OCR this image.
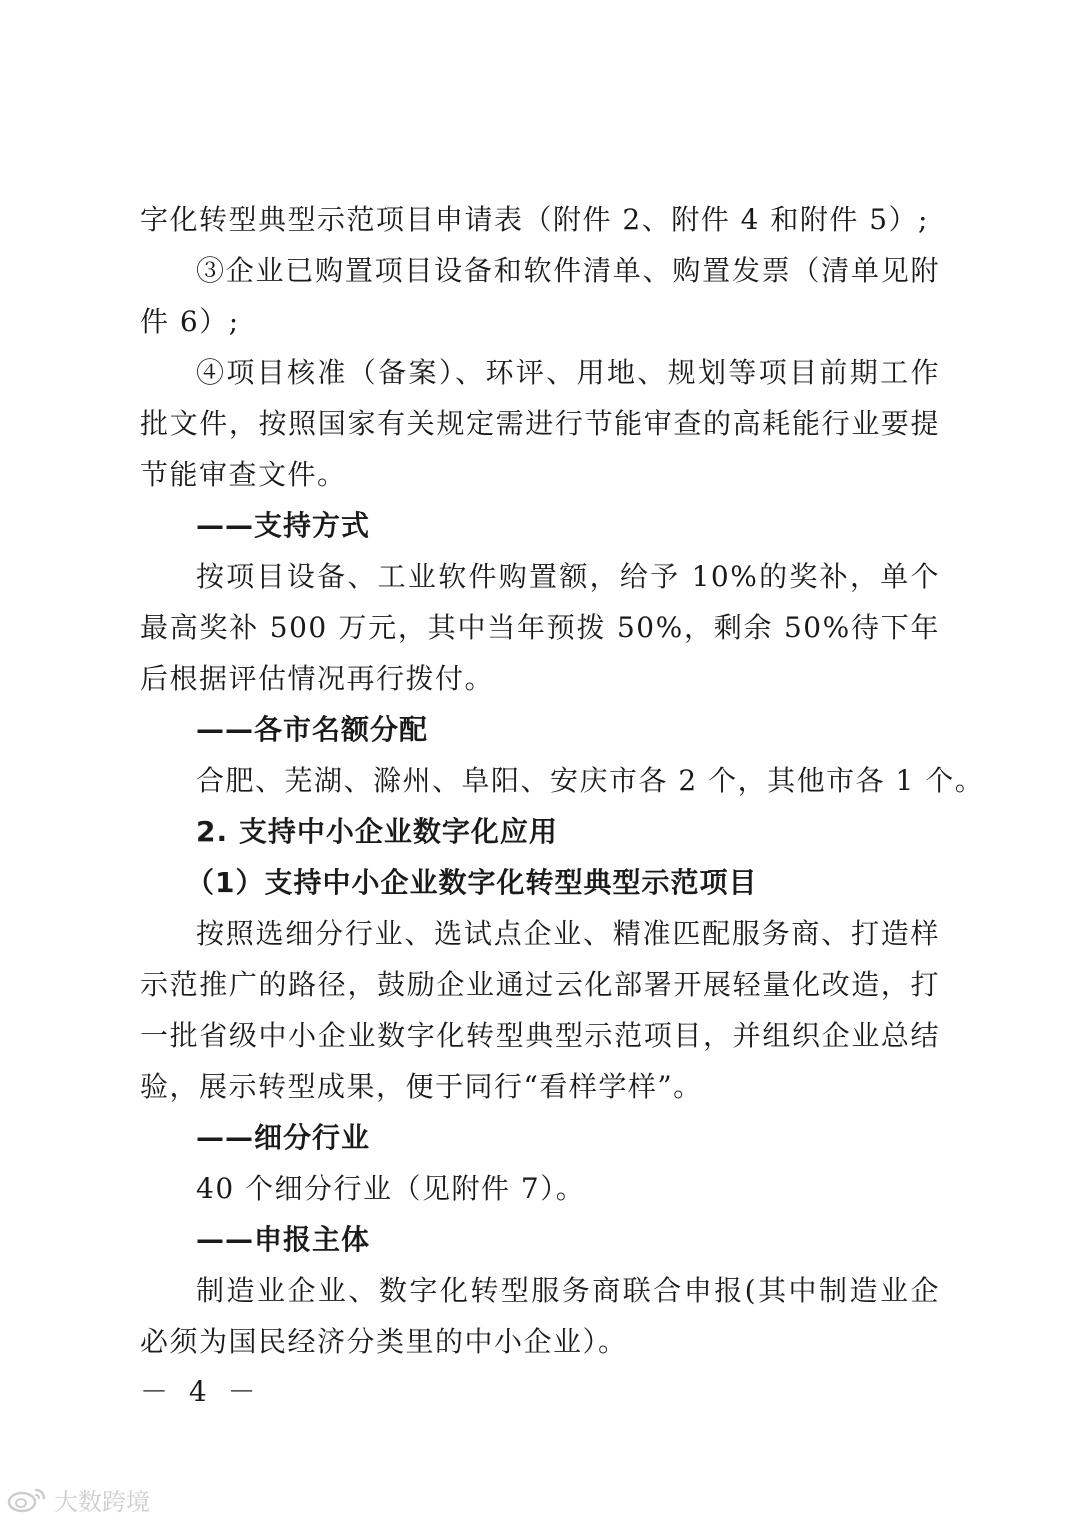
字化转型典型示范项目申请表（附件 2、附件 4 和附件 5）;
③企业已购置项目设备和软件清单、购置发票（清单见附
件 6）;
④项目核准（备案）、环评、用地、规划等项目前期工作
批文件，按照国家有关规定需进行节能审查的高耗能行业要提
节能审查文件。
——支持方式
按项目设备、工业软件购置额，给予 10%的奖补，单个
最高奖补 500 万元，其中当年预拨 50%，剩余 50%待下年
后根据评估情况再行拨付。
——各市名额分配
合肥、芜湖、滁州、阜阳、安庆市各 2 个，其他市各 1 个。
2. 支持中小企业数字化应用
（1）支持中小企业数字化转型典型示范项目
按照选细分行业、选试点企业、精准匹配服务商、打造样
示范推广的路径，鼓励企业通过云化部署开展轻量化改造，打
一批省级中小企业数字化转型典型示范项目，并组织企业总结
验，展示转型成果，便于同行“看样学样”。
——细分行业
40 个细分行业（见附件 7）。
——申报主体
制造业企业、数字化转型服务商联合申报(其中制造业企
必须为国民经济分类里的中小企业）。
－ 4 －
大数跨境
